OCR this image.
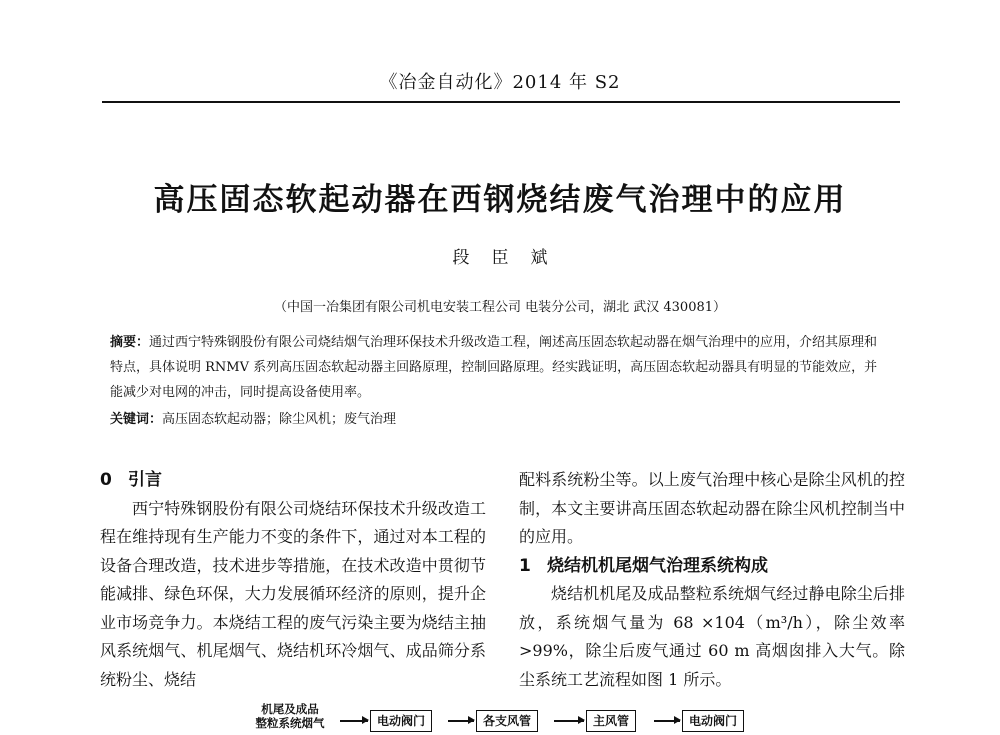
《冶金自动化》2014 年 S2
高压固态软起动器在西钢烧结废气治理中的应用
段臣斌
（中国一冶集团有限公司机电安装工程公司 电装分公司，湖北 武汉 430081）
摘要：通过西宁特殊钢股份有限公司烧结烟气治理环保技术升级改造工程，阐述高压固态软起动器在烟气治理中的应用，介绍其原理和特点，具体说明 RNMV 系列高压固态软起动器主回路原理，控制回路原理。经实践证明，高压固态软起动器具有明显的节能效应，并能减少对电网的冲击，同时提高设备使用率。
关键词：高压固态软起动器；除尘风机；废气治理
0 引言

西宁特殊钢股份有限公司烧结环保技术升级改造工程在维持现有生产能力不变的条件下，通过对本工程的设备合理改造，技术进步等措施，在技术改造中贯彻节能减排、绿色环保，大力发展循环经济的原则，提升企业市场竞争力。本烧结工程的废气污染主要为烧结主抽风系统烟气、机尾烟气、烧结机环冷烟气、成品筛分系统粉尘、烧结

配料系统粉尘等。以上废气治理中核心是除尘风机的控制，本文主要讲高压固态软起动器在除尘风机控制当中的应用。

1 烧结机机尾烟气治理系统构成

烧结机机尾及成品整粒系统烟气经过静电除尘后排放，系统烟气量为 68 ×104（m³/h），除尘效率 >99%，除尘后废气通过 60 m 高烟囱排入大气。除尘系统工艺流程如图 1 所示。

机尾及成品
整粒系统烟气	电动阀门	各支风管	主风管	电动阀门
